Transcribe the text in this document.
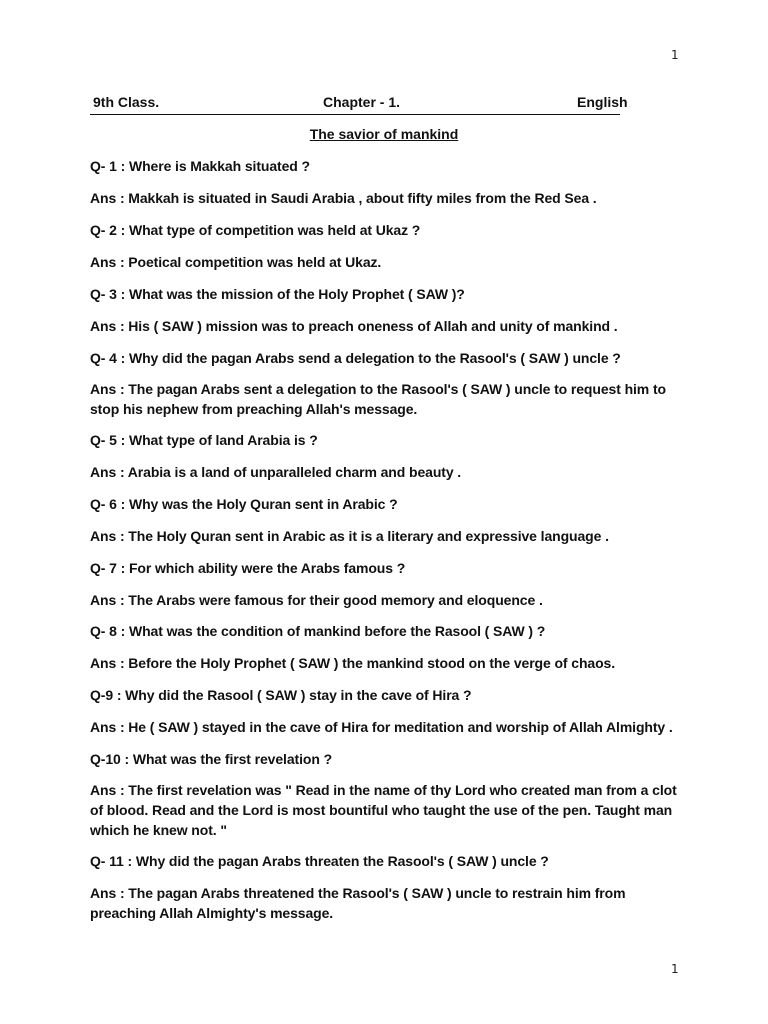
1
9th Class.	Chapter - 1.	English
The savior of mankind

Q- 1 : Where is Makkah situated ?

Ans : Makkah is situated in Saudi Arabia , about fifty miles from the Red Sea .

Q- 2 : What type of competition was held at Ukaz ?

Ans : Poetical competition was held at Ukaz.

Q- 3 : What was the mission of the Holy Prophet ( SAW )?

Ans : His ( SAW ) mission was to preach oneness of Allah and unity of mankind .

Q- 4 : Why did the pagan Arabs send a delegation to the Rasool's ( SAW ) uncle ?

Ans : The pagan Arabs sent a delegation to the Rasool's ( SAW ) uncle to request him to stop his nephew from preaching Allah's message.

Q- 5 : What type of land Arabia is ?

Ans : Arabia is a land of unparalleled charm and beauty .

Q- 6 : Why was the Holy Quran sent in Arabic ?

Ans : The Holy Quran sent in Arabic as it is a literary and expressive language .

Q- 7 : For which ability were the Arabs famous ?

Ans : The Arabs were famous for their good memory and eloquence .

Q- 8 : What was the condition of mankind before the Rasool ( SAW ) ?

Ans : Before the Holy Prophet ( SAW ) the mankind stood on the verge of chaos.

Q-9 : Why did the Rasool ( SAW ) stay in the cave of Hira ?

Ans : He ( SAW ) stayed in the cave of Hira for meditation and worship of Allah Almighty .

Q-10 : What was the first revelation ?

Ans : The first revelation was " Read in the name of thy Lord who created man from a clot of blood. Read and the Lord is most bountiful who taught the use of the pen. Taught man which he knew not. "

Q- 11 : Why did the pagan Arabs threaten the Rasool's ( SAW ) uncle ?

Ans : The pagan Arabs threatened the Rasool's ( SAW ) uncle to restrain him from preaching Allah Almighty's message.

1
